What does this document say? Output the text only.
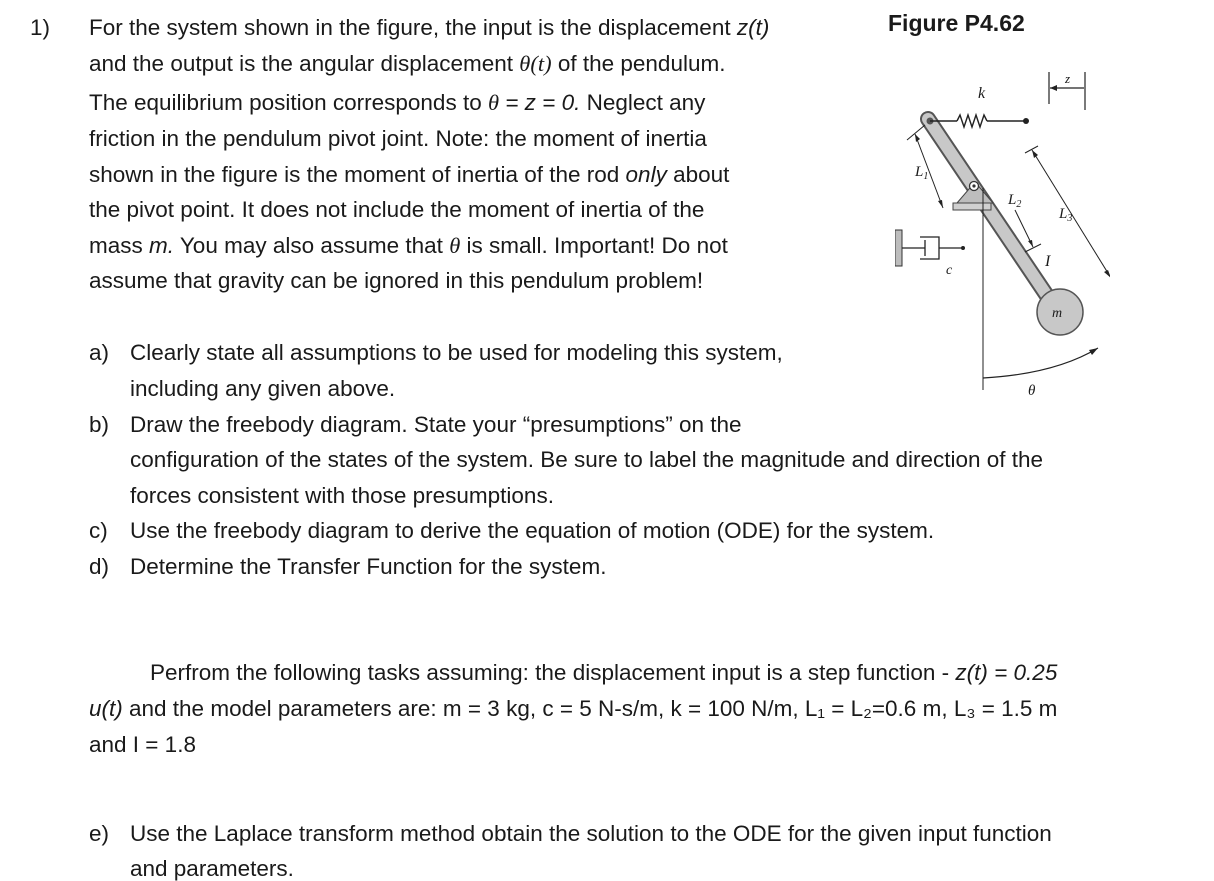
1) For the system shown in the figure, the input is the displacement z(t)
and the output is the angular displacement θ(t) of the pendulum.
The equilibrium position corresponds to θ = z = 0. Neglect any
friction in the pendulum pivot joint. Note: the moment of inertia
shown in the figure is the moment of inertia of the rod only about
the pivot point. It does not include the moment of inertia of the
mass m. You may also assume that θ is small. Important! Do not
assume that gravity can be ignored in this pendulum problem!
a) Clearly state all assumptions to be used for modeling this system,
including any given above.
b) Draw the freebody diagram. State your “presumptions” on the
configuration of the states of the system. Be sure to label the magnitude and direction of the
forces consistent with those presumptions.
c) Use the freebody diagram to derive the equation of motion (ODE) for the system.
d) Determine the Transfer Function for the system.
Perfrom the following tasks assuming: the displacement input is a step function - z(t) = 0.25
u(t) and the model parameters are: m = 3 kg, c = 5 N-s/m, k = 100 N/m, L₁ = L₂=0.6 m, L₃ = 1.5 m
and I = 1.8
e) Use the Laplace transform method obtain the solution to the ODE for the given input function
and parameters.
Figure P4.62
k
z
$L_1$
c
$L_2$
$L_3$
I
m
θ
